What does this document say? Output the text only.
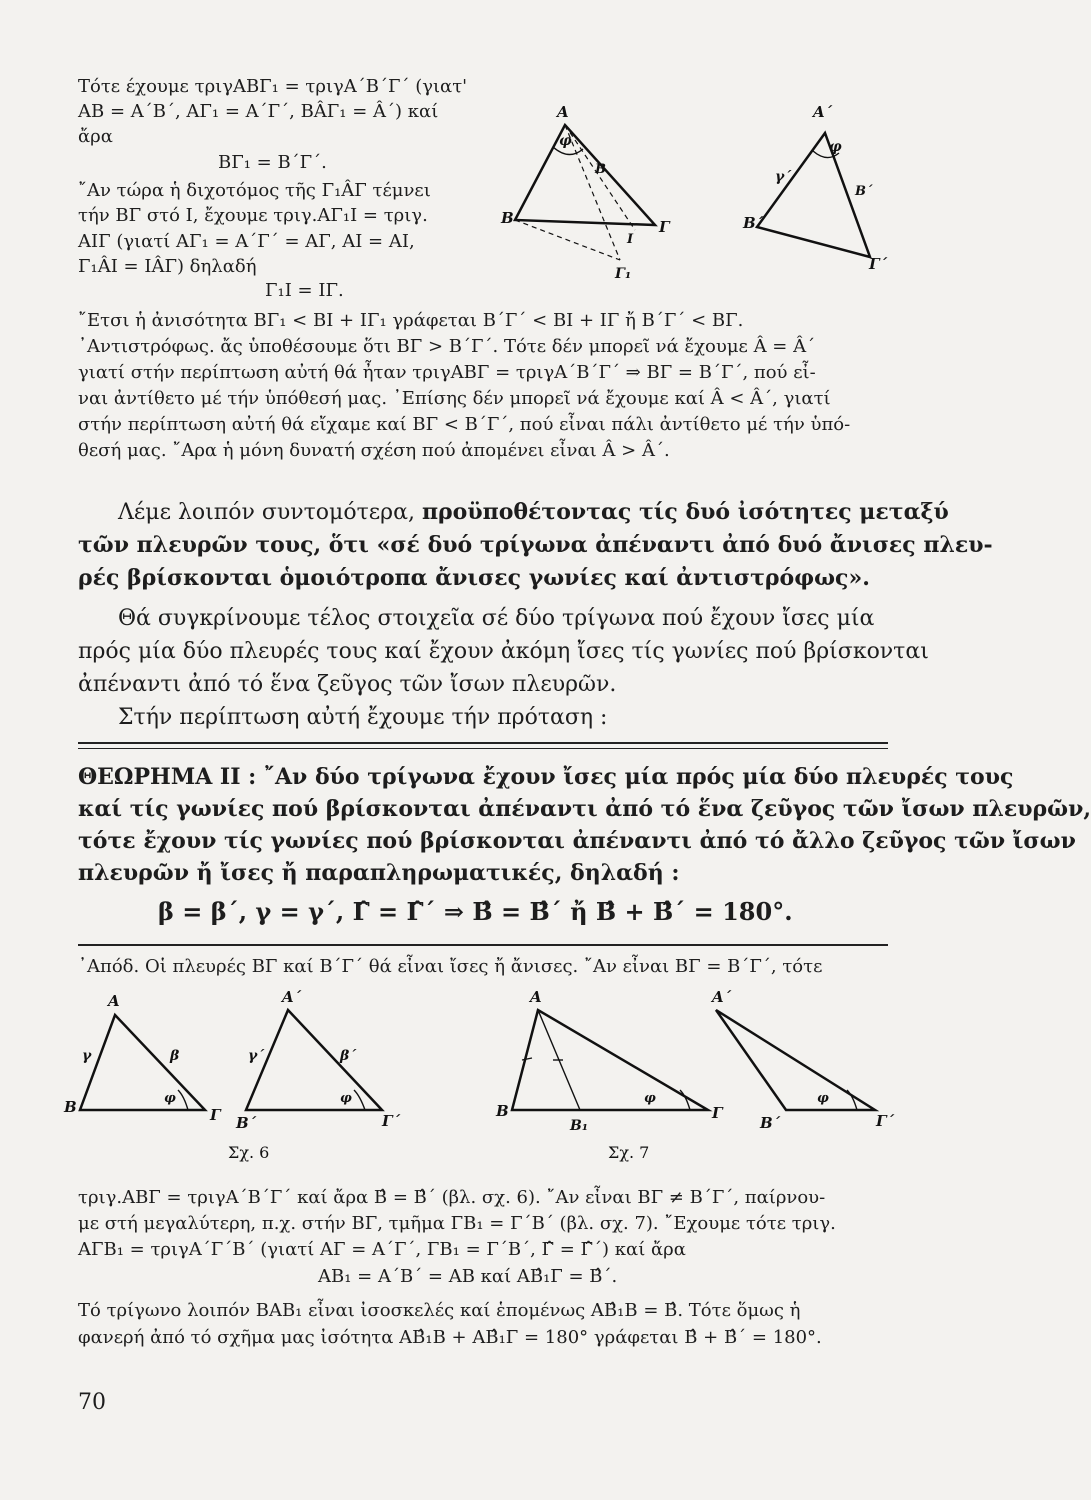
Α
φ
Β
Β
Γ
Ι
Γ₁
Α΄
φ
γ΄
Β΄
Β΄
Γ΄
Τότε έχουμε τριγΑΒΓ₁ = τριγΑ΄Β΄Γ΄ (γιατ'
ΑΒ = Α΄Β΄, ΑΓ₁ = Α΄Γ΄, ΒÂΓ₁ = Â΄) καί
ἄρα
ΒΓ₁ = Β΄Γ΄.
῎Αν τώρα ἡ διχοτόμος τῆς Γ₁ÂΓ τέμνει
τήν ΒΓ στό Ι, ἔχουμε τριγ.ΑΓ₁Ι = τριγ.
ΑΙΓ (γιατί ΑΓ₁ = Α΄Γ΄ = ΑΓ, ΑΙ = ΑΙ,
Γ₁ÂΙ = ΙÂΓ) δηλαδή
Γ₁Ι = ΙΓ.
῎Ετσι ἡ ἀνισότητα ΒΓ₁ < ΒΙ + ΙΓ₁ γράφεται Β΄Γ΄ < ΒΙ + ΙΓ ἤ Β΄Γ΄ < ΒΓ.
᾿Αντιστρόφως. ἄς ὑποθέσουμε ὅτι ΒΓ > Β΄Γ΄. Τότε δέν μπορεῖ νά ἔχουμε Â = Â΄
γιατί στήν περίπτωση αὐτή θά ἦταν τριγΑΒΓ = τριγΑ΄Β΄Γ΄ ⇒ ΒΓ = Β΄Γ΄, πού εἶ-
ναι ἀντίθετο μέ τήν ὑπόθεσή μας. ᾿Επίσης δέν μπορεῖ νά ἔχουμε καί Â < Â΄, γιατί
στήν περίπτωση αὐτή θά εἴχαμε καί ΒΓ < Β΄Γ΄, πού εἶναι πάλι ἀντίθετο μέ τήν ὑπό-
θεσή μας. ῎Αρα ἡ μόνη δυνατή σχέση πού ἀπομένει εἶναι Â > Â΄.
Λέμε λοιπόν συντομότερα, προϋποθέτοντας τίς δυό ἰσότητες μεταξύ
τῶν πλευρῶν τους, ὅτι «σέ δυό τρίγωνα ἀπέναντι ἀπό δυό ἄνισες πλευ-
ρές βρίσκονται ὁμοιότροπα ἄνισες γωνίες καί ἀντιστρόφως».
Θά συγκρίνουμε τέλος στοιχεῖα σέ δύο τρίγωνα πού ἔχουν ἴσες μία
πρός μία δύο πλευρές τους καί ἔχουν ἀκόμη ἴσες τίς γωνίες πού βρίσκονται
ἀπέναντι ἀπό τό ἕνα ζεῦγος τῶν ἴσων πλευρῶν.
Στήν περίπτωση αὐτή ἔχουμε τήν πρόταση :
ΘΕΩΡΗΜΑ ΙΙ : ῎Αν δύο τρίγωνα ἔχουν ἴσες μία πρός μία δύο πλευρές τους
καί τίς γωνίες πού βρίσκονται ἀπέναντι ἀπό τό ἕνα ζεῦγος τῶν ἴσων πλευρῶν,
τότε ἔχουν τίς γωνίες πού βρίσκονται ἀπέναντι ἀπό τό ἄλλο ζεῦγος τῶν ἴσων
πλευρῶν ἤ ἴσες ἤ παραπληρωματικές, δηλαδή :
β = β΄, γ = γ΄, Γ̂ = Γ̂΄ ⇒ Β̂ = Β̂΄ ἤ Β̂ + Β̂΄ = 180°.
᾿Απόδ. Οἱ πλευρές ΒΓ καί Β΄Γ΄ θά εἶναι ἴσες ἤ ἄνισες. ῎Αν εἶναι ΒΓ = Β΄Γ΄, τότε
Α
γ	β
φ
Β	Γ
Α΄
γ΄	β΄
φ
Β΄	Γ΄
Σχ. 6
Α
φ
Β
Β₁
Γ
Α΄
φ
Β΄	Γ΄
Σχ. 7
τριγ.ΑΒΓ = τριγΑ΄Β΄Γ΄ καί ἄρα Β̂ = Β̂΄ (βλ. σχ. 6). ῎Αν εἶναι ΒΓ ≠ Β΄Γ΄, παίρνου-
με στή μεγαλύτερη, π.χ. στήν ΒΓ, τμῆμα ΓΒ₁ = Γ΄Β΄ (βλ. σχ. 7). ῎Εχουμε τότε τριγ.
ΑΓΒ₁ = τριγΑ΄Γ΄Β΄ (γιατί ΑΓ = Α΄Γ΄, ΓΒ₁ = Γ΄Β΄, Γ̂ = Γ̂΄) καί ἄρα
ΑΒ₁ = Α΄Β΄ = ΑΒ καί ΑΒ̂₁Γ = Β̂΄.
Τό τρίγωνο λοιπόν ΒΑΒ₁ εἶναι ἰσοσκελές καί ἑπομένως ΑΒ̂₁Β = Β̂. Τότε ὅμως ἡ
φανερή ἀπό τό σχῆμα μας ἰσότητα ΑΒ̂₁Β + ΑΒ̂₁Γ = 180° γράφεται Β̂ + Β̂΄ = 180°.
70
